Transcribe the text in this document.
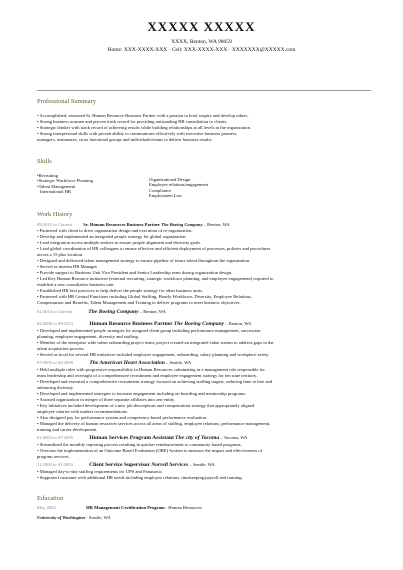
XXXXX XXXXX
XXXX, Renton, WA 98059
Home: XXX-XXXX-XXX · Cell: XXX-XXXX-XXX · XXXXXXX@XXXXX.com
Professional Summary
• Accomplished, seasoned Sr. Human Resource Business Partner with a passion to lead, inspire and develop others.
• Strong business acumen and proven track record for providing outstanding HR consultation to clients.
• Strategic thinker with track record of achieving results while building relationships at all levels in the organization.
• Strong interpersonal skills with proven ability to communicate effectively with executive business partners,
managers, teammates, cross functional groups and individuals/teams to deliver business results.
Skills
•Recruiting
•Strategic Workforce Planning
•Talent Management
International HR
Organizational Design
Employee relations/engagement
Compliance
Employment Law
Work History
09/2015 to Current Sr. Human Resources Business Partner The Boeing Company – Renton, WA
• Partnered with client to drive organization design and execution of re-organization.
• Develop and implemented an integrated people strategy for global organization.
• Lead integration across multiple entities to ensure people alignment and diversity goals.
• Lead global coordination of HR colleagues to ensure effective and efficient deployment of processes, policies and procedures
across a 15 plus location.
• Designed and delivered talent management strategy to ensure pipeline of future talent throughout the organization.
• Served as interim HR Manager.
• Provide support to Business Unit Vice President and Senior Leadership team during organization design.
• Led Key Human Resource initiatives (external recruiting, strategic workforce planning, and employee engagement) required to
establish a new consultative business unit.
• Established HR best practices to help deliver the people strategy for other business units.
• Partnered with HR Central Functions including Global Staffing, Hourly Workforce, Diversity, Employee Relations,
Compensation and Benefits, Talent Management and Training to deliver programs to meet business objectives.
02/2014 to Current	The Boeing Company – Renton, WA
02/2008 to 09/2013	Human Resource Business Partner The Boeing Company – Renton, WA
• Developed and implemented people strategies for assigned client group including performance management, succession
planning, employee engagement, diversity and staffing.
• Member of the enterprise wide talent onboarding project team; project created an integrated value stream to address gaps in the
talent acquisition process.
• Served as focal for several HR initiatives included employee engagement, onboarding, salary planning and workplace safety.
07/2005 to 02/2008	The American Heart Association – Seattle, WA
• Held multiple roles with progressive responsibility in Human Resources culminating in a management role responsible for
team leadership and oversight of a comprehensive recruitment and employee engagement strategy for ten state territory.
• Developed and executed a comprehensive recruitment strategy focused on achieving staffing targets, reducing time to hire and
enhancing diversity.
• Developed and implemented strategies to increase engagement including on boarding and mentorship programs.
• Assisted organization in merger of three separate affiliates into one entity.
• Key initiatives included development of a new job descriptions and compensation strategy that appropriately aligned
employee salaries with market recommendations.
• Also designed pay for performance system and competency-based performance evaluation.
• Managed the delivery of human resources services across all areas of staffing, employee relations, performance management,
training and career development.
01/2003 to 07/2005	Human Services Program Assistant The city of Tacoma – Tacoma, WA
• Streamlined the monthly reporting process resulting in quicker reimbursement to community based programs.
• Oversaw the implementation of an Outcome Based Evaluation (OBE) System to measure the impact and effectiveness of
program services.
11/2000 to 01/2003	Client Service Supervisor Norrell Services – Seattle, WA
• Managed day-to-day staffing requirements for UPS and Panasonic.
• Supported customer with additional HR needs including employee relations, timekeeping/payroll and training.
Education
May 2002	HR Management Certification Program : Human Resources
University of Washington - Seattle, WA
